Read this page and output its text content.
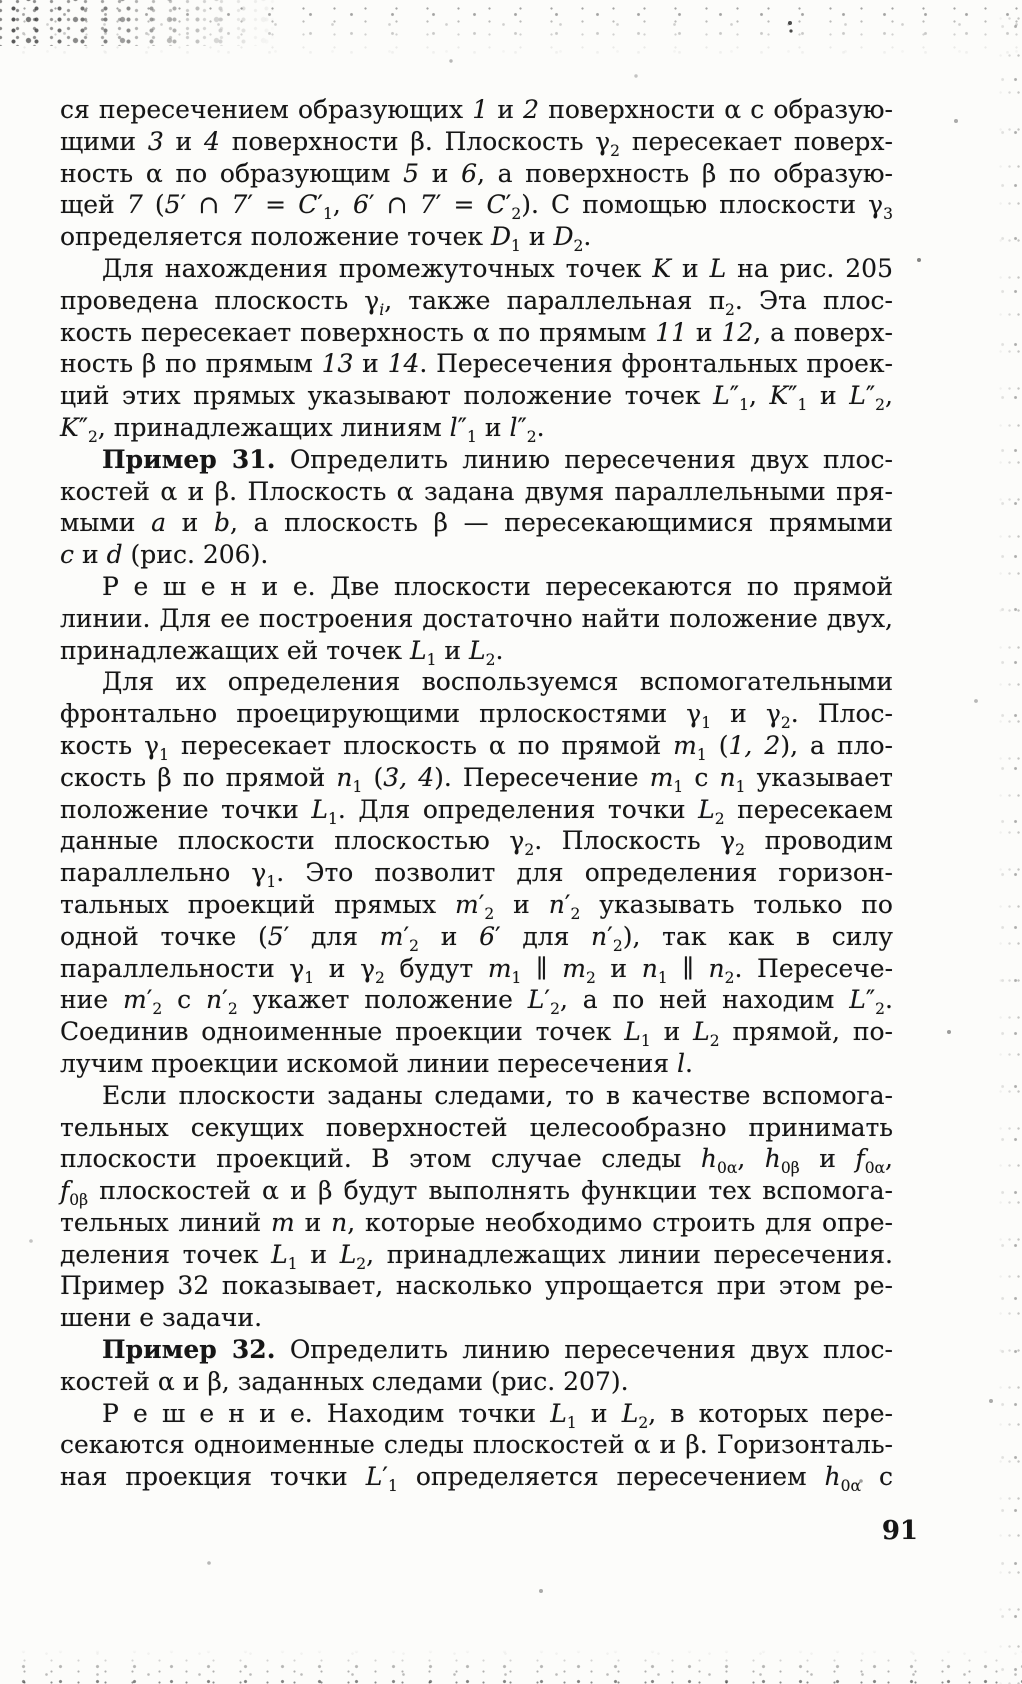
ся пересечением образующих 1 и 2 поверхности α с образую-
щими 3 и 4 поверхности β. Плоскость $\gamma_2$ пересекает поверх-
ность α по образующим 5 и 6, а поверхность β по образую-
щей 7 (5′ ∩ $7' = C'_1$, 6′ ∩ $7' = C'_2$). С помощью плоскости $\gamma_3$
определяется положение точек $D_1$ и $D_2$.
Для нахождения промежуточных точек K и L на рис. 205
проведена плоскость $\gamma_i$, также параллельная $\pi_2$. Эта плос-
кость пересекает поверхность α по прямым 11 и 12, а поверх-
ность β по прямым 13 и 14. Пересечения фронтальных проек-
ций этих прямых указывают положение точек $L''_1$, $K''_1$ и $L''_2$,
$K''_2$, принадлежащих линиям $l''_1$ и $l''_2$.
Пример 31. Определить линию пересечения двух плос-
костей α и β. Плоскость α задана двумя параллельными пря-
мыми a и b, а плоскость β — пересекающимися прямыми
c и d (рис. 206).
Р е ш е н и е. Две плоскости пересекаются по прямой
линии. Для ее построения достаточно найти положение двух,
принадлежащих ей точек $L_1$ и $L_2$.
Для их определения воспользуемся вспомогательными
фронтально проецирующими прлоскостями $\gamma_1$ и $\gamma_2$. Плос-
кость $\gamma_1$ пересекает плоскость α по прямой $m_1$ (1, 2), а пло-
скость β по прямой $n_1$ (3, 4). Пересечение $m_1$ с $n_1$ указывает
положение точки $L_1$. Для определения точки $L_2$ пересекаем
данные плоскости плоскостью $\gamma_2$. Плоскость $\gamma_2$ проводим
параллельно $\gamma_1$. Это позволит для определения горизон-
тальных проекций прямых $m'_2$ и $n'_2$ указывать только по
одной точке (5′ для $m'_2$ и 6′ для $n'_2$), так как в силу
параллельности $\gamma_1$ и $\gamma_2$ будут $m_1$ ∥ $m_2$ и $n_1$ ∥ $n_2$. Пересече-
ние $m'_2$ с $n'_2$ укажет положение $L'_2$, а по ней находим $L''_2$.
Соединив одноименные проекции точек $L_1$ и $L_2$ прямой, по-
лучим проекции искомой линии пересечения l.
Если плоскости заданы следами, то в качестве вспомога-
тельных секущих поверхностей целесообразно принимать
плоскости проекций. В этом случае следы $h_{0\alpha}$, $h_{0\beta}$ и $f_{0\alpha}$,
$f_{0\beta}$ плоскостей α и β будут выполнять функции тех вспомога-
тельных линий m и n, которые необходимо строить для опре-
деления точек $L_1$ и $L_2$, принадлежащих линии пересечения.
Пример 32 показывает, насколько упрощается при этом ре-
шени е задачи.
Пример 32. Определить линию пересечения двух плос-
костей α и β, заданных следами (рис. 207).
Р е ш е н и е. Находим точки $L_1$ и $L_2$, в которых пере-
секаются одноименные следы плоскостей α и β. Горизонталь-
ная проекция точки $L'_1$ определяется пересечением $h_{0\alpha}$ с
91
